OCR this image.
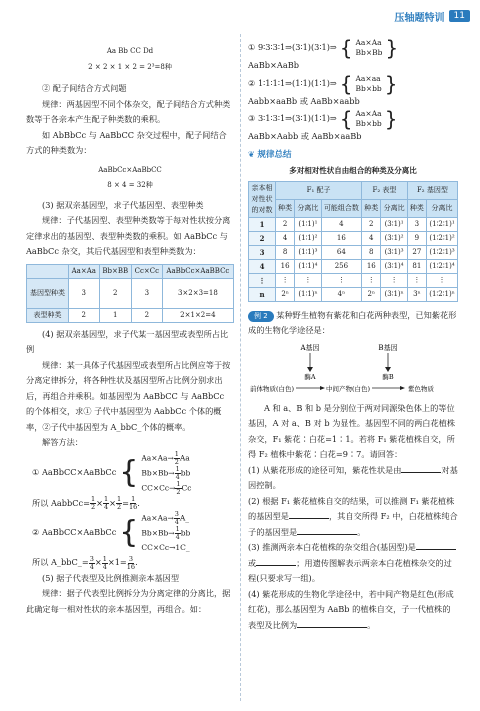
压轴题特训	11

Aa Bb CC Dd

2 × 2 × 1 × 2 = 2³=8种

② 配子间结合方式问题

规律：两基因型不同个体杂交，配子间结合方式种类数等于各亲本产生配子种类数的乘积。

如 AbBbCc 与 AaBbCC 杂交过程中，配子间结合方式的种类数为：

AaBbCc×AaBbCC

8 × 4 = 32种

(3) 据双亲基因型，求子代基因型、表型种类

规律：子代基因型、表型种类数等于每对性状按分离定律求出的基因型、表型种类数的乘积。如 AaBbCc 与 AaBbCc 杂交，其后代基因型和表型种类数为：

	Aa×Aa	Bb×BB	Cc×Cc	AaBbCc×AaBBCc
基因型种类	3	2	3	3×2×3=18
表型种类	2	1	2	2×1×2=4

(4) 据双亲基因型，求子代某一基因型或表型所占比例

规律：某一具体子代基因型或表型所占比例应等于按分离定律拆分，将各种性状及基因型所占比例分别求出后，再组合并乘积。如基因型为 AaBbCC 与 AaBbCc 的个体相交，求① 子代中基因型为 AabbCc 个体的概率，②子代中基因型为 A_bbC_个体的概率。

解答方法：

① AaBbCC×AaBbCc { $Aa\times Aa\to \frac{1}{2}$ Aa
$Bb\times Bb\to \frac{1}{4}$ bb
$CC\times Cc\to \frac{1}{2}$ Cc

所以 AabbCc= $\frac{1}{2} \times \frac{1}{4} \times \frac{1}{2} = \frac{1}{16}$ .

② AaBbCC×AaBbCc { $Aa\times Aa\to \frac{3}{4}$ A_
$Bb\times Bb\to \frac{1}{4}$ bb
CC×Cc→1C_

所以 A_bbC_= $\frac{3}{4} \times \frac{1}{4} \times 1= \frac{3}{16}$ .

(5) 据子代表型及比例推测亲本基因型

规律：据子代表型比例拆分为分离定律的分离比，据此确定每一相对性状的亲本基因型，再组合。如：

① 9∶3∶3∶1⇒(3∶1)(3∶1)⇒ { Aa×Aa
Bb×Bb }

AaBb×AaBb

② 1∶1∶1∶1⇒(1∶1)(1∶1)⇒ { Aa×aa
Bb×bb }

Aabb×aaBb 或 AaBb×aabb

③ 3∶1∶3∶1⇒(3∶1)(1∶1)⇒ { Aa×Aa
Bb×bb }

AaBb×Aabb 或 AaBb×aaBb

❦ 规律总结

多对相对性状自由组合的种类及分离比

亲本相对性状的对数	F₁ 配子			F₂ 表型		F₂ 基因型	
	种类	分离比	可能组合数	种类	分离比	种类	分离比
1	2	(1∶1)¹	4	2	(3∶1)¹	3	(1∶2∶1)¹
2	4	(1∶1)²	16	4	(3∶1)²	9	(1∶2∶1)²
3	8	(1∶1)³	64	8	(3∶1)³	27	(1∶2∶1)³
4	16	(1∶1)⁴	256	16	(3∶1)⁴	81	(1∶2∶1)⁴
⋮	⋮	⋮	⋮	⋮	⋮	⋮	⋮
n	2ⁿ	(1∶1)ⁿ	4ⁿ	2ⁿ	(3∶1)ⁿ	3ⁿ	(1∶2∶1)ⁿ

例 2 某种野生植物有紫花和白花两种表型，已知紫花形成的生物化学途径是：

A基因	B基因
酶A	酶B
前体物质(白色)	中间产物(白色)	紫色物质

A 和 a、B 和 b 是分别位于两对同源染色体上的等位基因，A 对 a、B 对 b 为显性。基因型不同的两白花植株杂交，F₁ 紫花∶白花=1∶1。若将 F₁ 紫花植株自交，所得 F₂ 植株中紫花∶白花=9∶7。请回答：

(1) 从紫花形成的途径可知，紫花性状是由	对基因控制。

(2) 根据 F₁ 紫花植株自交的结果，可以推测 F₁ 紫花植株的基因型是	，其自交所得 F₂ 中，白花植株纯合子的基因型是	。

(3) 推测两亲本白花植株的杂交组合(基因型)是或	；用遗传图解表示两亲本白花植株杂交的过程(只要求写一组)。

(4) 紫花形成的生物化学途径中，若中间产物是红色(形成红花)，那么基因型为 AaBb 的植株自交，子一代植株的表型及比例为	。
